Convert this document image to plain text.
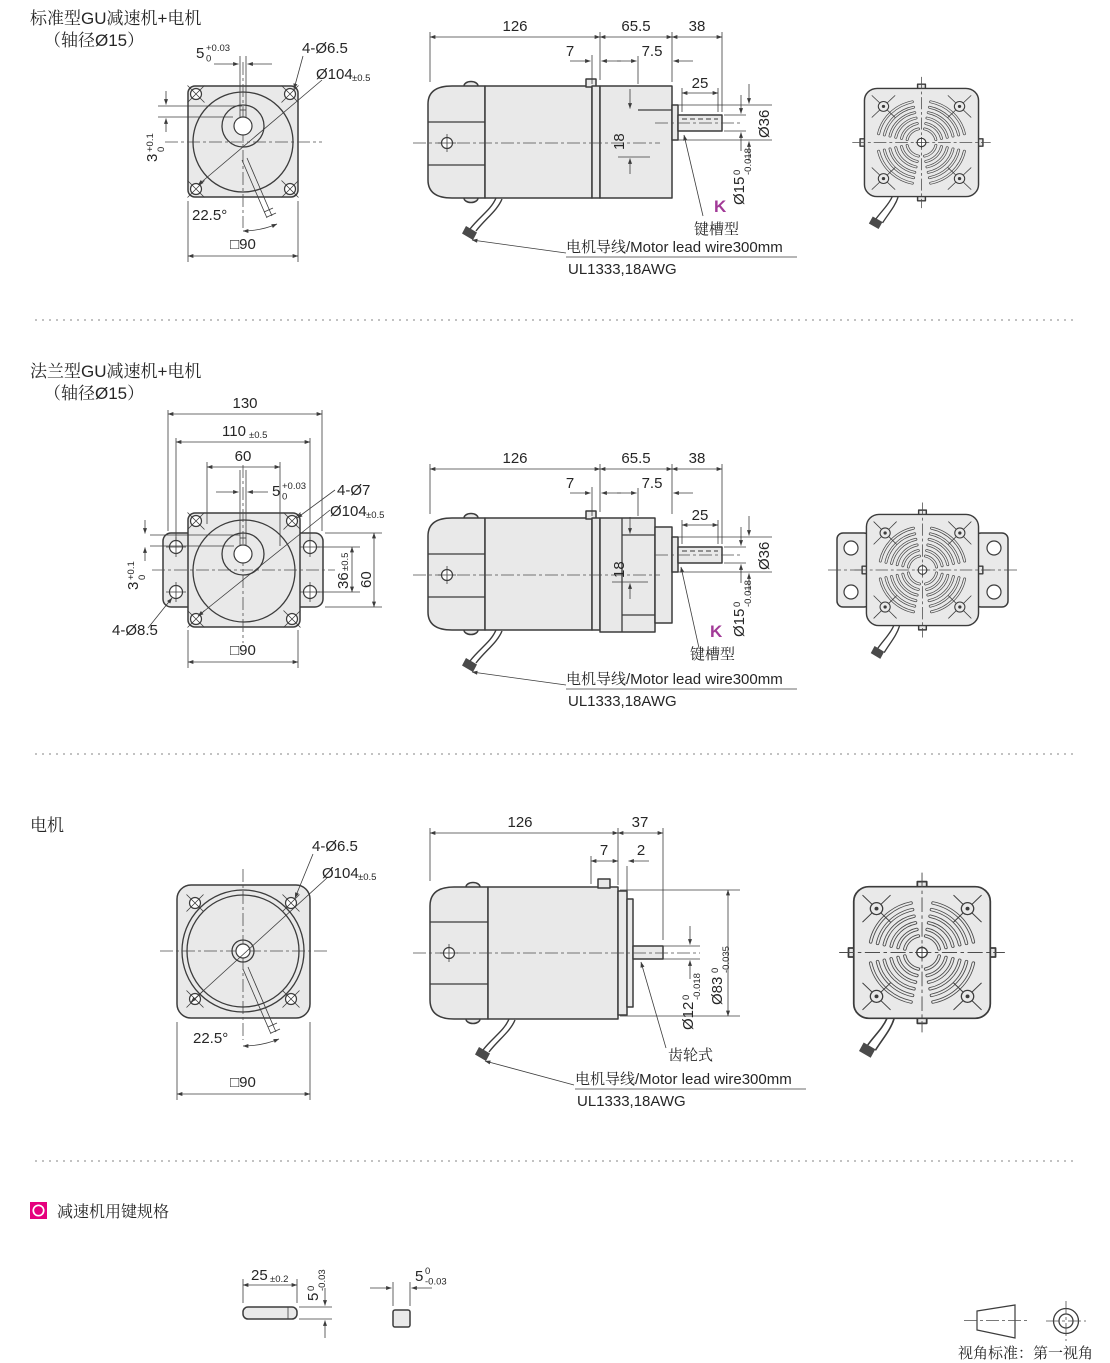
标准型GU减速机+电机
（轴径Ø15）
5 +0.03
0
4-Ø6.5
Ø104 ±0.5
3
+0.1 0
22.5°
□90
126	65.5	38
7	7.5
25
18
Ø36
Ø15
0 -0.018
K
键槽型
电机导线/Motor lead wire300mm
UL1333,18AWG
法兰型GU减速机+电机
（轴径Ø15）
130
110 ±0.5
60
5 +0.03
0	4-Ø7
Ø104 ±0.5
3
+0.1 0	36
±0.5
60
4-Ø8.5
□90
126	65.5	38
7	7.5
25
18	Ø36
Ø15
0 -0.018
K
键槽型
电机导线/Motor lead wire300mm
UL1333,18AWG
电机
4-Ø6.5
Ø104 ±0.5
22.5°
□90
126	37
7 2
Ø83
0 -0.035
Ø12
0 -0.018
齿轮式
电机导线/Motor lead wire300mm
UL1333,18AWG
减速机用键规格
25 ±0.2
5
0 -0.03	5 0
-0.03
视角标准：第一视角
